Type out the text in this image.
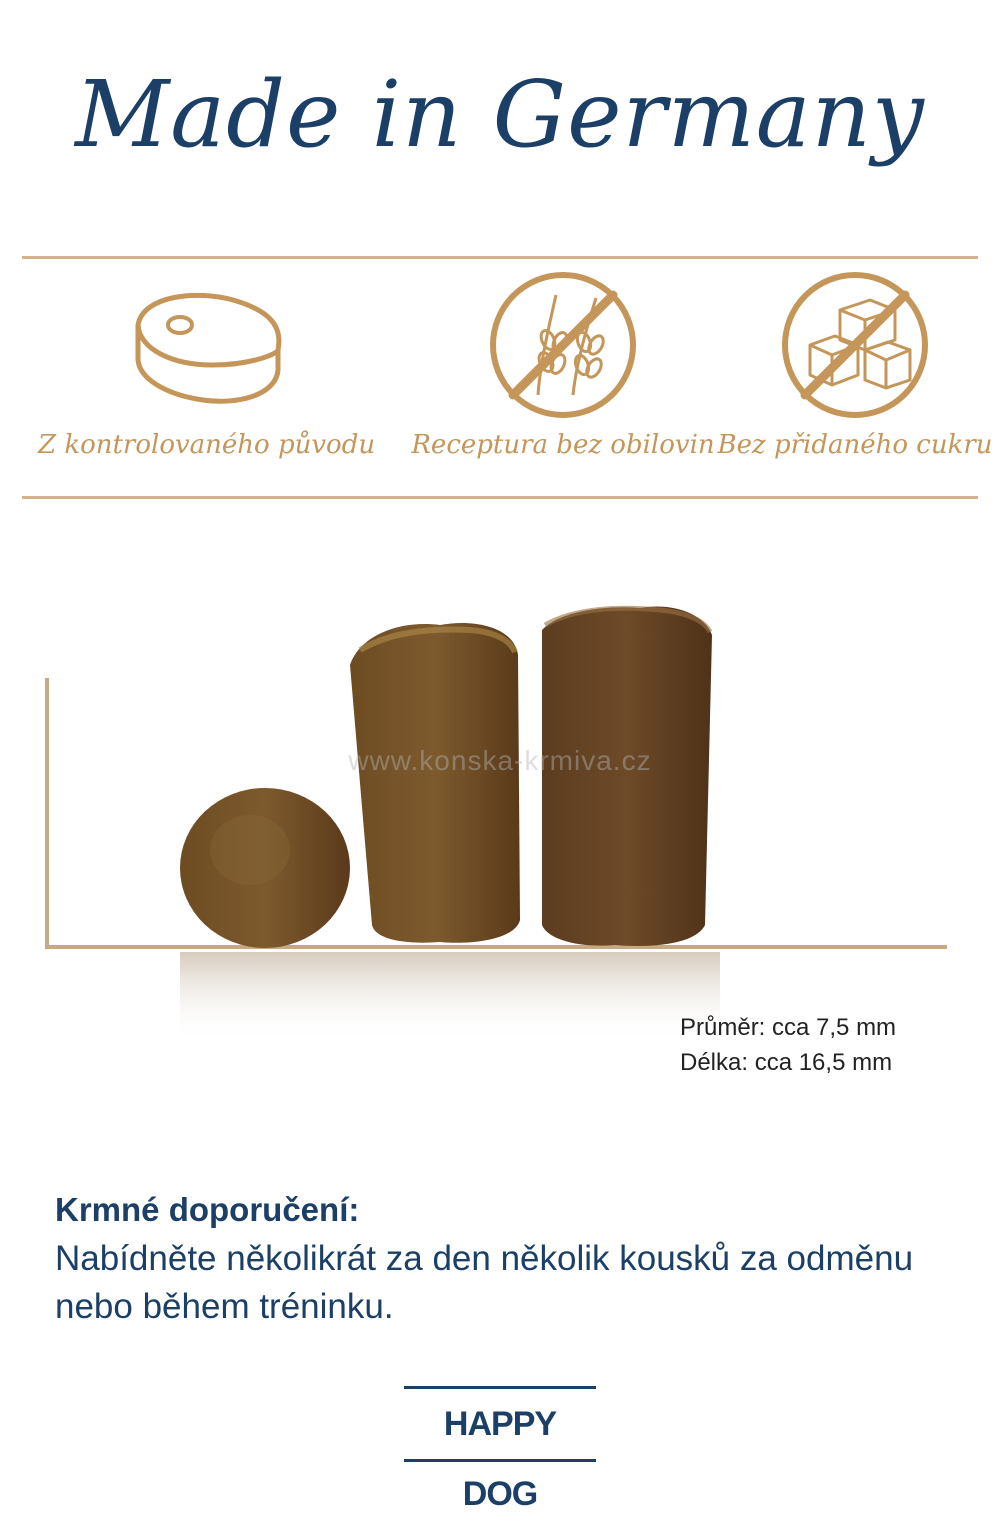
Made in Germany
Z kontrolovaného původu	Receptura bez obilovin Bez přidaného cukru
www.konska-krmiva.cz
Průměr: cca 7,5 mm
Délka: cca 16,5 mm
Krmné doporučení:
Nabídněte několikrát za den několik kousků za odměnu nebo během tréninku.
HAPPY DOG
